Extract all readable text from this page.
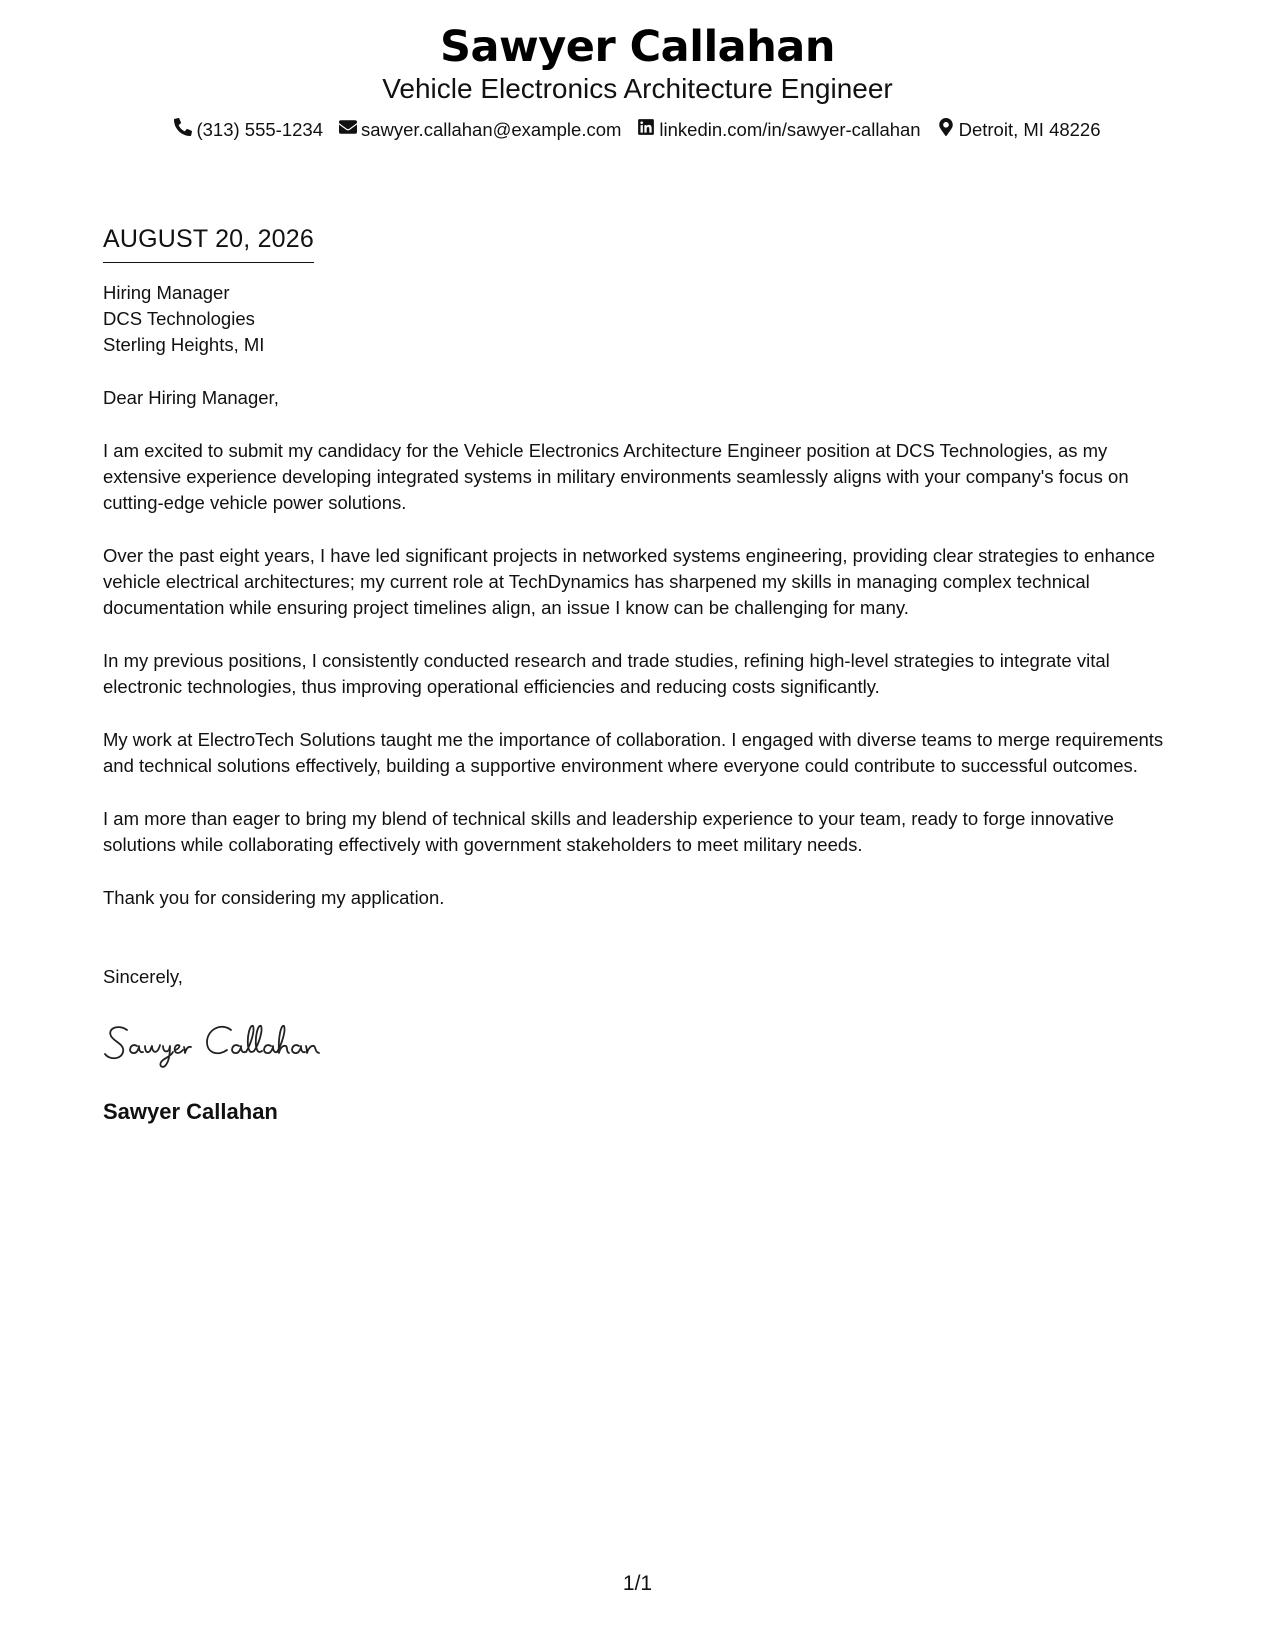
Sawyer Callahan
Vehicle Electronics Architecture Engineer
(313) 555-1234 sawyer.callahan@example.com linkedin.com/in/sawyer-callahan Detroit, MI 48226
AUGUST 20, 2026
Hiring Manager
DCS Technologies
Sterling Heights, MI
Dear Hiring Manager,
I am excited to submit my candidacy for the Vehicle Electronics Architecture Engineer position at DCS Technologies, as my extensive experience developing integrated systems in military environments seamlessly aligns with your company's focus on cutting-edge vehicle power solutions.
Over the past eight years, I have led significant projects in networked systems engineering, providing clear strategies to enhance vehicle electrical architectures; my current role at TechDynamics has sharpened my skills in managing complex technical documentation while ensuring project timelines align, an issue I know can be challenging for many.
In my previous positions, I consistently conducted research and trade studies, refining high-level strategies to integrate vital electronic technologies, thus improving operational efficiencies and reducing costs significantly.
My work at ElectroTech Solutions taught me the importance of collaboration. I engaged with diverse teams to merge requirements and technical solutions effectively, building a supportive environment where everyone could contribute to successful outcomes.
I am more than eager to bring my blend of technical skills and leadership experience to your team, ready to forge innovative solutions while collaborating effectively with government stakeholders to meet military needs.
Thank you for considering my application.
Sincerely,
Sawyer Callahan
1/1
